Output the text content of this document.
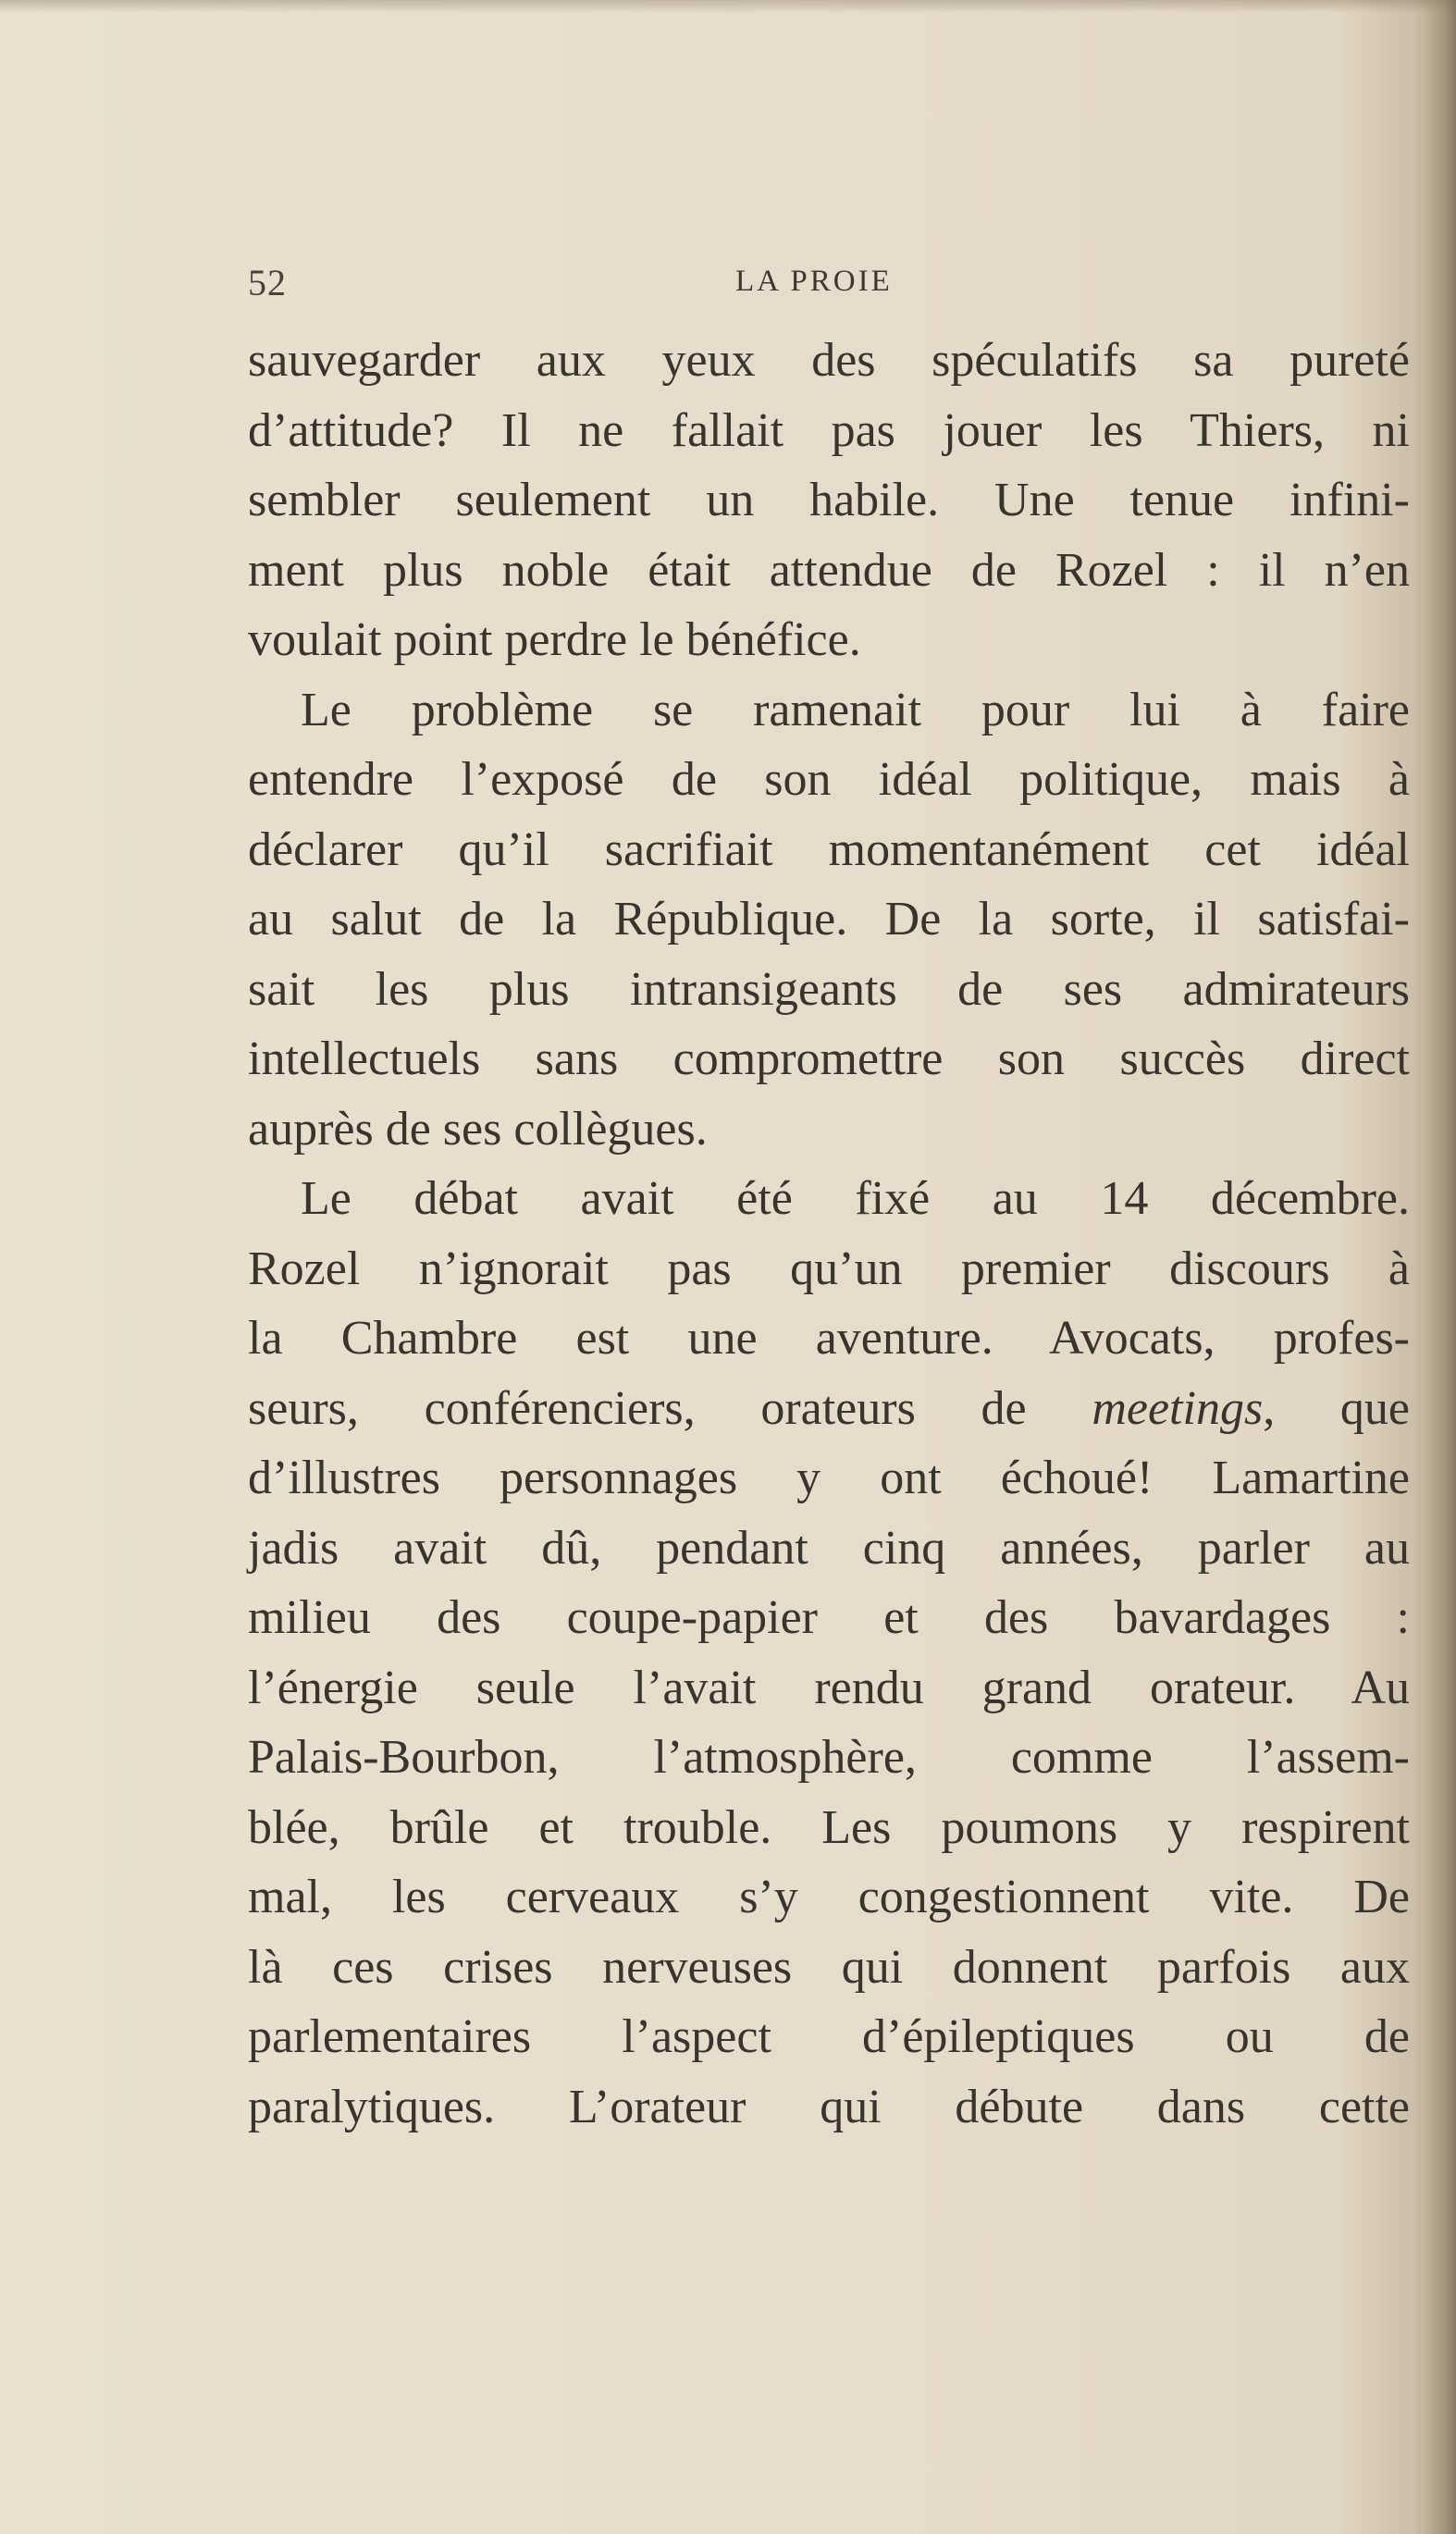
52	LA PROIE
sauvegarder aux yeux des spéculatifs sa pureté
d’attitude? Il ne fallait pas jouer les Thiers, ni
sembler seulement un habile. Une tenue infini-
ment plus noble était attendue de Rozel : il n’en
voulait point perdre le bénéfice.
Le problème se ramenait pour lui à faire
entendre l’exposé de son idéal politique, mais à
déclarer qu’il sacrifiait momentanément cet idéal
au salut de la République. De la sorte, il satisfai-
sait les plus intransigeants de ses admirateurs
intellectuels sans compromettre son succès direct
auprès de ses collègues.
Le débat avait été fixé au 14 décembre.
Rozel n’ignorait pas qu’un premier discours à
la Chambre est une aventure. Avocats, profes-
seurs, conférenciers, orateurs de meetings, que
d’illustres personnages y ont échoué! Lamartine
jadis avait dû, pendant cinq années, parler au
milieu des coupe-papier et des bavardages :
l’énergie seule l’avait rendu grand orateur. Au
Palais-Bourbon, l’atmosphère, comme l’assem-
blée, brûle et trouble. Les poumons y respirent
mal, les cerveaux s’y congestionnent vite. De
là ces crises nerveuses qui donnent parfois aux
parlementaires l’aspect d’épileptiques ou de
paralytiques. L’orateur qui débute dans cette
